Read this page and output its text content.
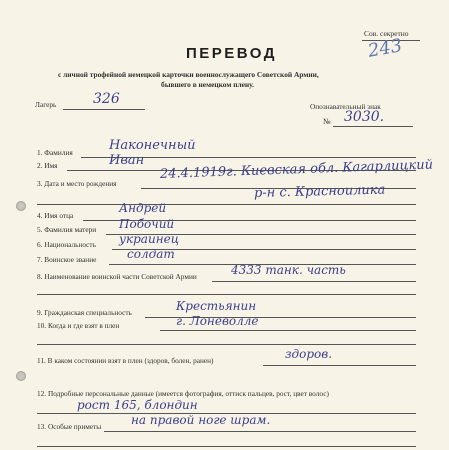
Сов. секретно
243
ПЕРЕВОД
с личной трофейной немецкой карточки военнослужащего Советской Армии,
бывшего в немецком плену.
Лагерь	326	Опознавательный знак
№ 3030.
1. Фамилия	Наконечный
2. Имя	Иван
3. Дата и место рождения
24.4.1919г. Киевская обл. Кагарлицкий
р-н с. Красноилика
4. Имя отца
Андрей
5. Фамилия матери Побочий
6. Национальность украинец
7. Воинское звание	солдат
8. Наименование воинской части Советской Армии	4333 танк. часть
9. Гражданская специальность	Крестьянин
10. Когда и где взят в плен	г. Лоневолле
11. В каком состоянии взят в плен (здоров, болен, ранен)	здоров.
12. Подробные персональные данные (имеется фотография, оттиск пальцев, рост, цвет волос)
рост 165, блондин
13. Особые приметы на правой ноге шрам.
